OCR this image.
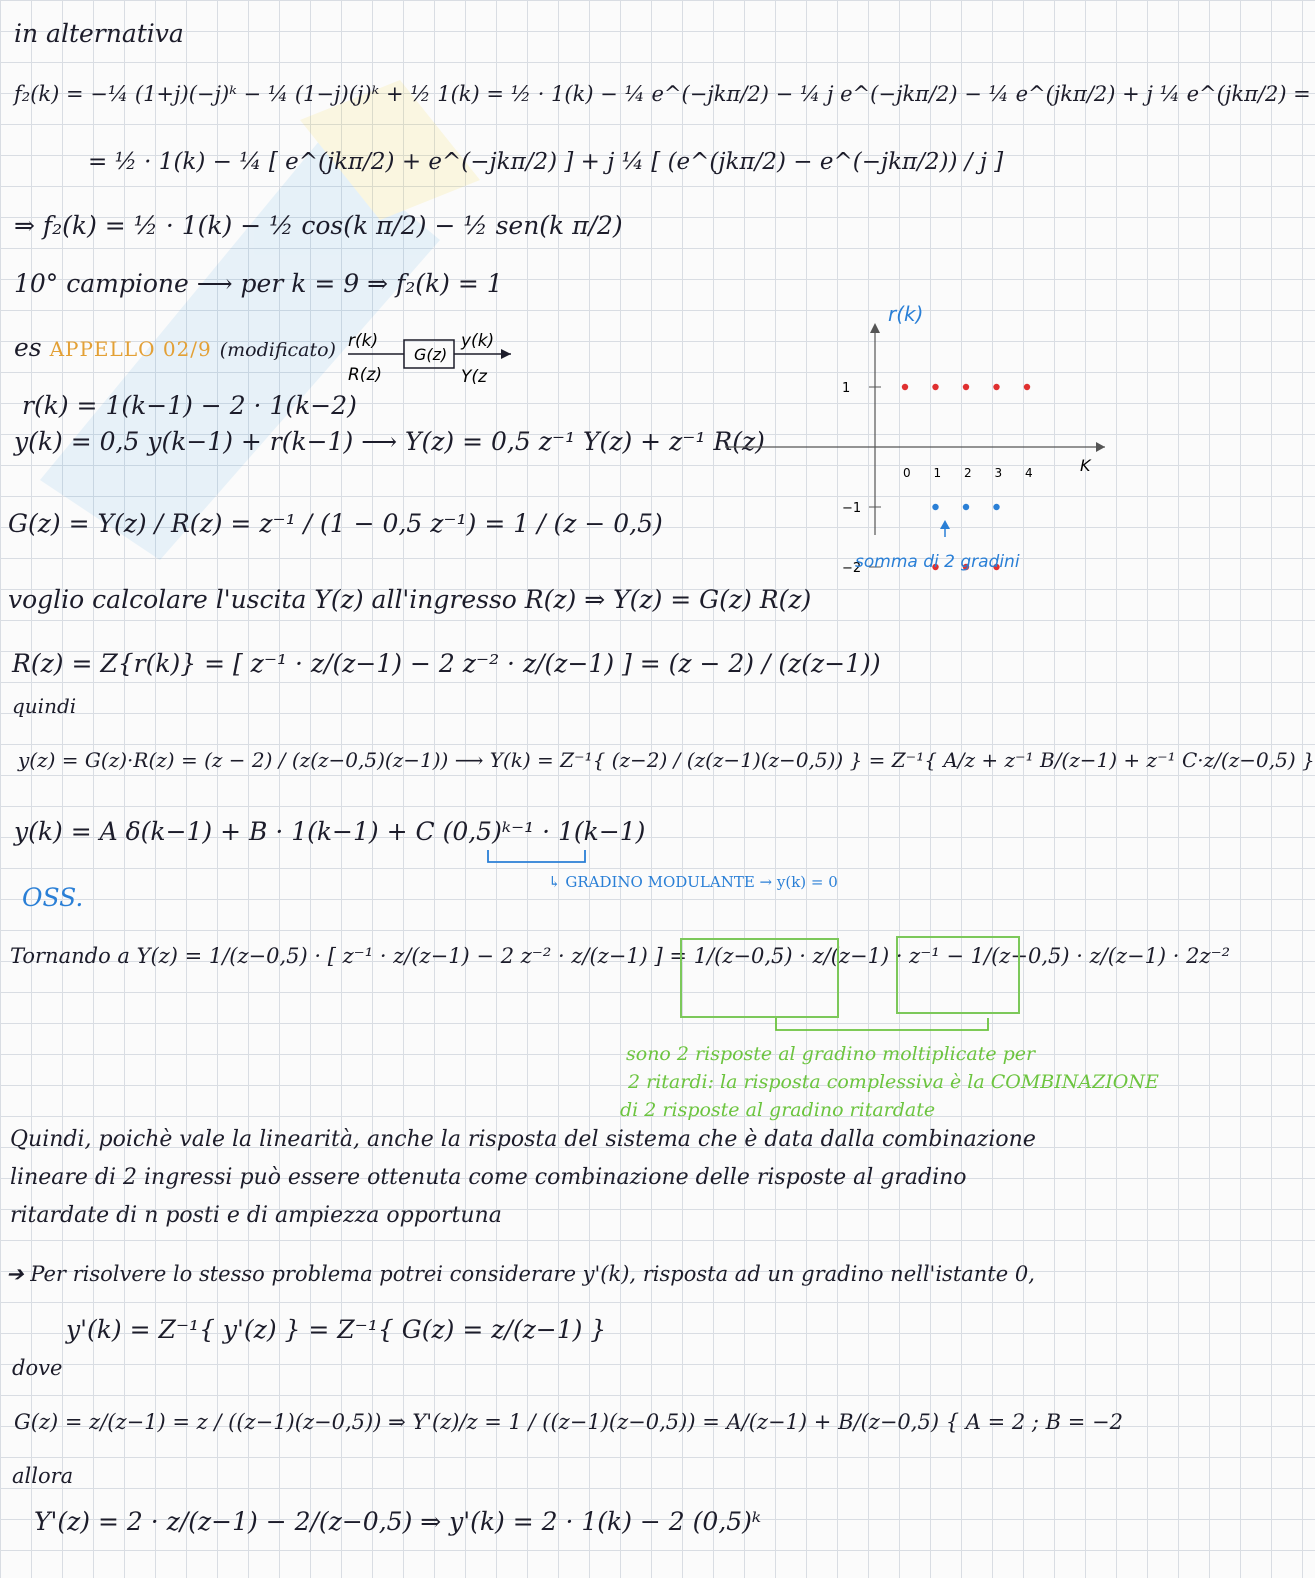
in alternativa
f₂(k) = −¼ (1+j)(−j)ᵏ − ¼ (1−j)(j)ᵏ + ½ 1(k) = ½ · 1(k) − ¼ e^(−jkπ/2) − ¼ j e^(−jkπ/2) − ¼ e^(jkπ/2) + j ¼ e^(jkπ/2) =
= ½ · 1(k) − ¼ [ e^(jkπ/2) + e^(−jkπ/2) ] + j ¼ [ (e^(jkπ/2) − e^(−jkπ/2)) / j ]
⇒ f₂(k) = ½ · 1(k) − ½ cos(k π/2) − ½ sen(k π/2)
10° campione ⟶ per k = 9 ⇒ f₂(k) = 1
es APPELLO 02/9 (modificato) r(k)
R(z)
G(z)
y(k)
Y(z
r(k) = 1(k−1) − 2 · 1(k−2)
y(k) = 0,5 y(k−1) + r(k−1) ⟶ Y(z) = 0,5 z⁻¹ Y(z) + z⁻¹ R(z)
G(z) = Y(z) / R(z) = z⁻¹ / (1 − 0,5 z⁻¹) = 1 / (z − 0,5)
r(k)
K
1
−1
−2
0 1 2 3 4
somma di 2 gradini
voglio calcolare l'uscita Y(z) all'ingresso R(z) ⇒ Y(z) = G(z) R(z)
R(z) = Z{r(k)} = [ z⁻¹ · z/(z−1) − 2 z⁻² · z/(z−1) ] = (z − 2) / (z(z−1))
quindi
y(z) = G(z)·R(z) = (z − 2) / (z(z−0,5)(z−1)) ⟶ Y(k) = Z⁻¹{ (z−2) / (z(z−1)(z−0,5)) } = Z⁻¹{ A/z + z⁻¹ B/(z−1) + z⁻¹ C·z/(z−0,5) }
y(k) = A δ(k−1) + B · 1(k−1) + C (0,5)ᵏ⁻¹ · 1(k−1)
↳ GRADINO MODULANTE → y(k) = 0
OSS.
Tornando a Y(z) = 1/(z−0,5) · [ z⁻¹ · z/(z−1) − 2 z⁻² · z/(z−1) ] = 1/(z−0,5) · z/(z−1) · z⁻¹ − 1/(z−0,5) · z/(z−1) · 2z⁻²
sono 2 risposte al gradino moltiplicate per
2 ritardi: la risposta complessiva è la COMBINAZIONE
di 2 risposte al gradino ritardate
Quindi, poichè vale la linearità, anche la risposta del sistema che è data dalla combinazione
lineare di 2 ingressi può essere ottenuta come combinazione delle risposte al gradino
ritardate di n posti e di ampiezza opportuna
➔ Per risolvere lo stesso problema potrei considerare y'(k), risposta ad un gradino nell'istante 0,
y'(k) = Z⁻¹{ y'(z) } = Z⁻¹{ G(z) = z/(z−1) }
dove
G(z) = z/(z−1) = z / ((z−1)(z−0,5)) ⇒ Y'(z)/z = 1 / ((z−1)(z−0,5)) = A/(z−1) + B/(z−0,5) { A = 2 ; B = −2
allora
Y'(z) = 2 · z/(z−1) − 2/(z−0,5) ⇒ y'(k) = 2 · 1(k) − 2 (0,5)ᵏ
